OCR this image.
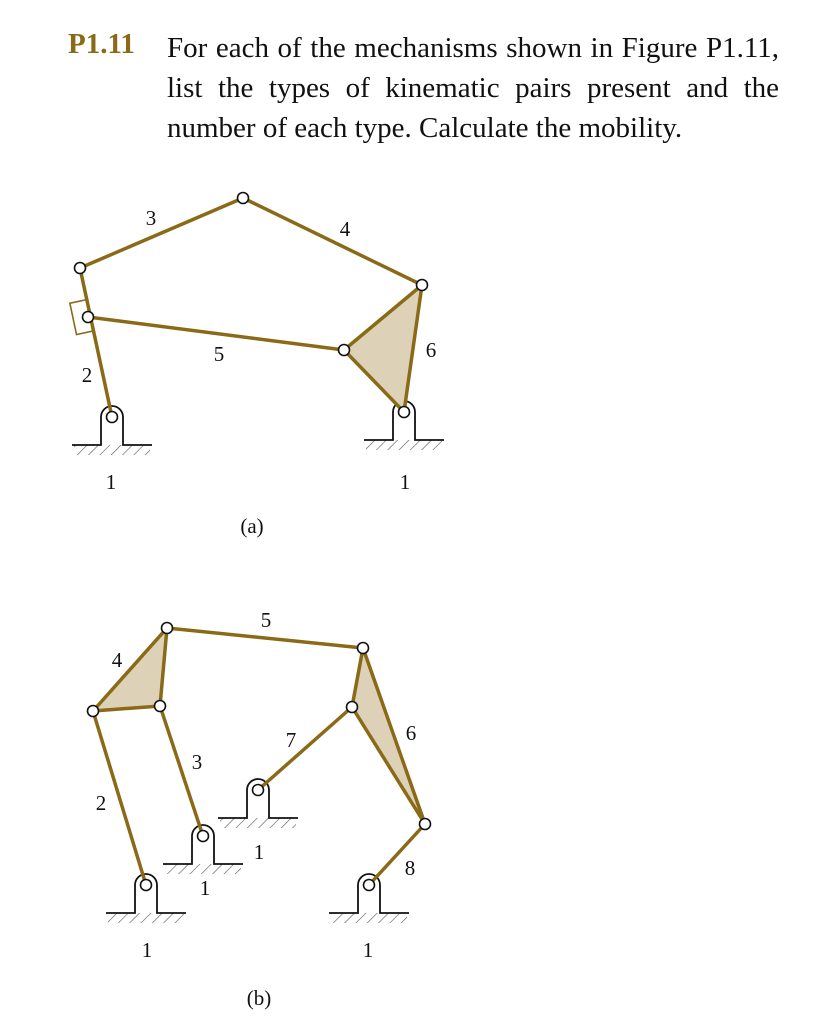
P1.11 For each of the mechanisms shown in Figure P1.11,
list the types of kinematic pairs present and the
number of each type. Calculate the mobility.
3	4
5	6
2
1	1
(a)
5
4
7	6
3
2
1
8
1
1	1
(b)
